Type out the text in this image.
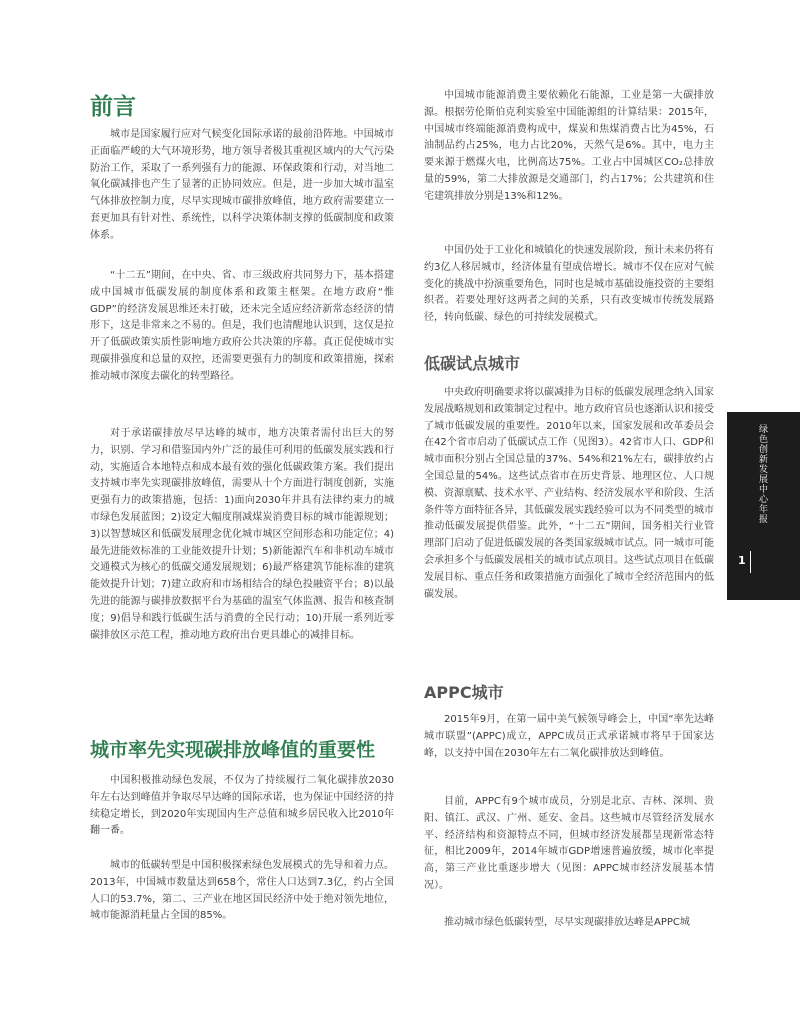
前言

城市是国家履行应对气候变化国际承诺的最前沿阵地。中国城市正面临严峻的大气环境形势，地方领导者极其重视区域内的大气污染防治工作，采取了一系列强有力的能源、环保政策和行动，对当地二氧化碳减排也产生了显著的正协同效应。但是，进一步加大城市温室气体排放控制力度，尽早实现城市碳排放峰值，地方政府需要建立一套更加具有针对性、系统性，以科学决策体制支撑的低碳制度和政策体系。

“十二五”期间，在中央、省、市三级政府共同努力下，基本搭建成中国城市低碳发展的制度体系和政策主框架。在地方政府“惟GDP”的经济发展思维还未打破，还未完全适应经济新常态经济的情形下，这是非常来之不易的。但是，我们也清醒地认识到，这仅是拉开了低碳政策实质性影响地方政府公共决策的序幕。真正促使城市实现碳排强度和总量的双控，还需要更强有力的制度和政策措施，探索推动城市深度去碳化的转型路径。

对于承诺碳排放尽早达峰的城市，地方决策者需付出巨大的努力，识别、学习和借鉴国内外广泛的最佳可利用的低碳发展实践和行动，实施适合本地特点和成本最有效的强化低碳政策方案。我们提出支持城市率先实现碳排放峰值，需要从十个方面进行制度创新，实施更强有力的政策措施，包括：1)面向2030年并具有法律约束力的城市绿色发展蓝图；2)设定大幅度削减煤炭消费目标的城市能源规划；3)以智慧城区和低碳发展理念优化城市城区空间形态和功能定位；4)最先进能效标准的工业能效提升计划；5)新能源汽车和非机动车城市交通模式为核心的低碳交通发展规划；6)最严格建筑节能标准的建筑能效提升计划；7)建立政府和市场相结合的绿色投融资平台；8)以最先进的能源与碳排放数据平台为基础的温室气体监测、报告和核查制度；9)倡导和践行低碳生活与消费的全民行动；10)开展一系列近零碳排放区示范工程，推动地方政府出台更具雄心的减排目标。

城市率先实现碳排放峰值的重要性

中国积极推动绿色发展，不仅为了持续履行二氧化碳排放2030年左右达到峰值并争取尽早达峰的国际承诺，也为保证中国经济的持续稳定增长，到2020年实现国内生产总值和城乡居民收入比2010年翻一番。

城市的低碳转型是中国积极探索绿色发展模式的先导和着力点。2013年，中国城市数量达到658个，常住人口达到7.3亿，约占全国人口的53.7%，第二、三产业在地区国民经济中处于绝对领先地位，城市能源消耗量占全国的85%。

中国城市能源消费主要依赖化石能源，工业是第一大碳排放源。根据劳伦斯伯克利实验室中国能源组的计算结果：2015年，中国城市终端能源消费构成中，煤炭和焦煤消费占比为45%，石油制品约占25%，电力占比20%，天然气是6%。其中，电力主要来源于燃煤火电，比例高达75%。工业占中国城区CO₂总排放量的59%，第二大排放源是交通部门，约占17%；公共建筑和住宅建筑排放分别是13%和12%。

中国仍处于工业化和城镇化的快速发展阶段，预计未来仍将有约3亿人移居城市，经济体量有望成倍增长。城市不仅在应对气候变化的挑战中扮演重要角色，同时也是城市基础设施投资的主要组织者。若要处理好这两者之间的关系，只有改变城市传统发展路径，转向低碳、绿色的可持续发展模式。

低碳试点城市

中央政府明确要求将以碳减排为目标的低碳发展理念纳入国家发展战略规划和政策制定过程中。地方政府官员也逐渐认识和接受了城市低碳发展的重要性。2010年以来，国家发展和改革委员会在42个省市启动了低碳试点工作（见图3）。42省市人口、GDP和城市面积分别占全国总量的37%、54%和21%左右，碳排放约占全国总量的54%。这些试点省市在历史背景、地理区位、人口规模、资源禀赋、技术水平、产业结构、经济发展水平和阶段、生活条件等方面特征各异，其低碳发展实践经验可以为不同类型的城市推动低碳发展提供借鉴。此外，“十二五”期间，国务相关行业管理部门启动了促进低碳发展的各类国家级城市试点。同一城市可能会承担多个与低碳发展相关的城市试点项目。这些试点项目在低碳发展目标、重点任务和政策措施方面强化了城市全经济范围内的低碳发展。

APPC城市

2015年9月，在第一届中美气候领导峰会上，中国“率先达峰城市联盟”(APPC)成立，APPC成员正式承诺城市将早于国家达峰，以支持中国在2030年左右二氧化碳排放达到峰值。

目前，APPC有9个城市成员，分别是北京、吉林、深圳、贵阳、镇江、武汉、广州、延安、金昌。这些城市尽管经济发展水平、经济结构和资源特点不同，但城市经济发展都呈现新常态特征，相比2009年，2014年城市GDP增速普遍放缓，城市化率提高，第三产业比重逐步增大（见图：APPC城市经济发展基本情况）。

推动城市绿色低碳转型，尽早实现碳排放达峰是APPC城

绿色创新发展中心年报
1
